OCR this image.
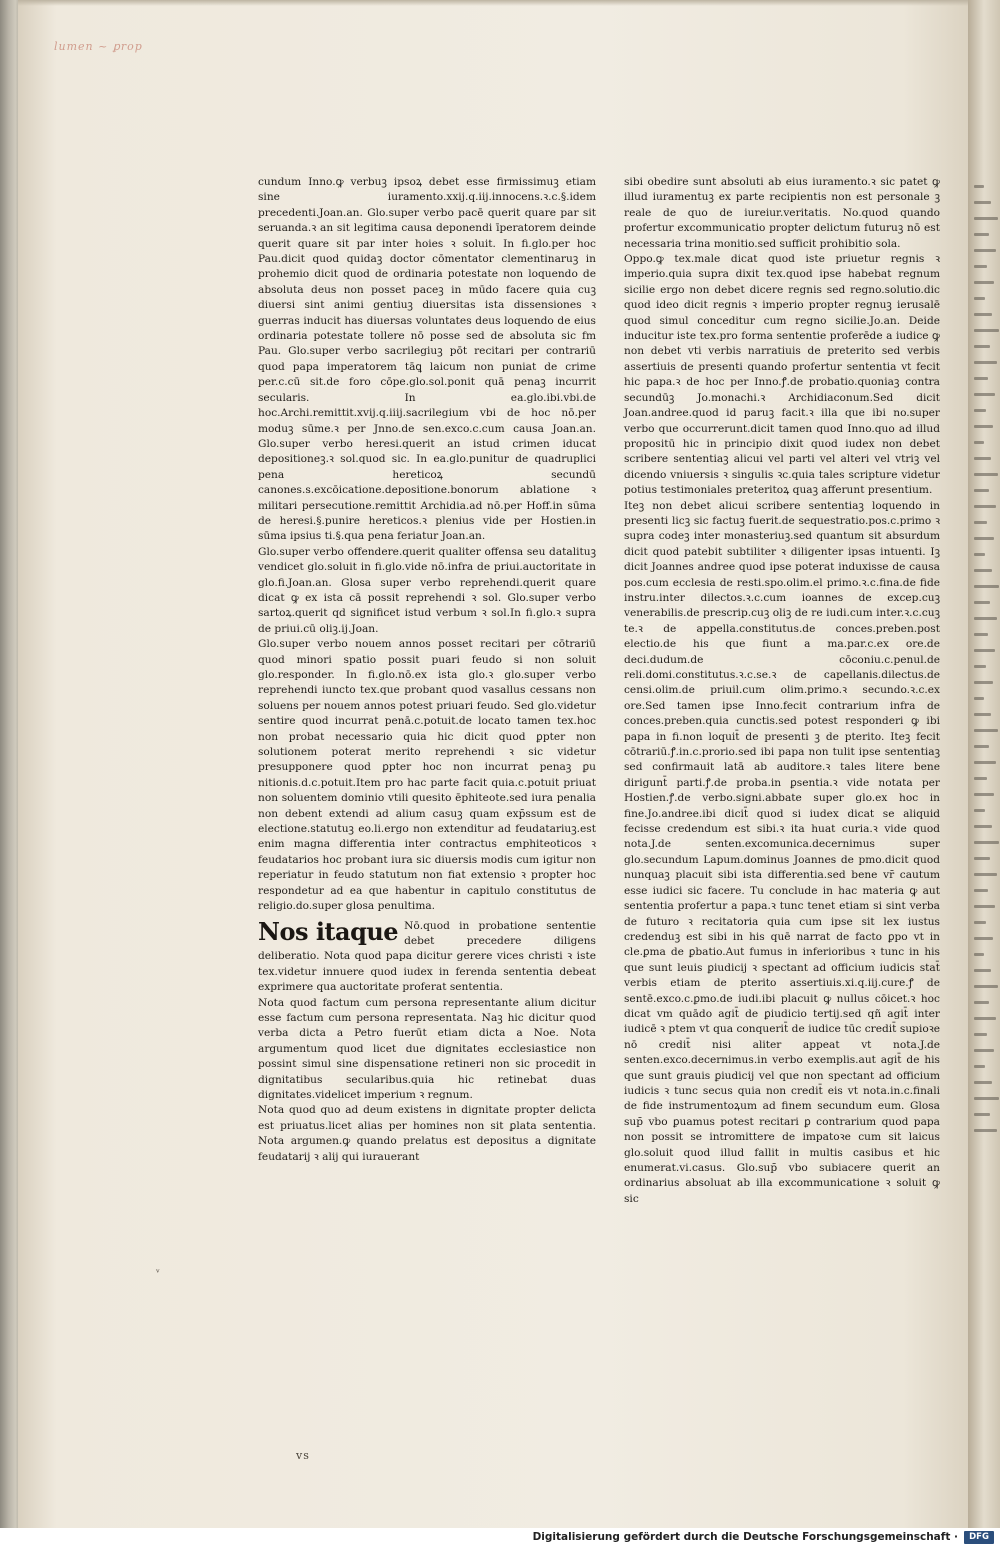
lumen ~ ꝑrop

cundum Inno.ꝙ verbuꝫ ipsoꝝ debet esse firmissimuꝫ etiam sine iuramento.xxij.q.iij.innocens.ꝛ.c.§.idem precedenti.Joan.an. Glo.super verbo pacē querit quare par sit seruanda.ꝛ an sit legitima causa deponendi īperatorem deinde querit quare sit par inter hoies ꝛ soluit. In fi.glo.per hoc Pau.dicit quod quidaꝫ doctor cōmentator clementinaruꝫ in prohemio dicit quod de ordinaria potestate non loquendo de absoluta deus non posset paceꝫ in mūdo facere quia cuꝫ diuersi sint animi gentiuꝫ diuersitas ista dissensiones ꝛ guerras inducit has diuersas voluntates deus loquendo de eius ordinaria potestate tollere nō posse sed de absoluta sic fm Pau. Glo.super verbo sacrilegiuꝫ pōt recitari per contrariū quod papa imperatorem tāꝗ laicum non puniat de crime per.c.cū sit.de foro cōpe.glo.sol.ponit quā penaꝫ incurrit secularis. In ea.glo.ibi.vbi.de hoc.Archi.remittit.xvij.q.iiij.sacrilegium vbi de hoc nō.per moduꝫ sūme.ꝛ per Jnno.de sen.exco.c.cum causa Joan.an. Glo.super verbo heresi.querit an istud crimen iducat depositioneꝫ.ꝛ sol.quod sic. In ea.glo.punitur de quadruplici pena hereticoꝝ secundū canones.s.excōicatione.depositione.bonorum ablatione ꝛ militari persecutione.remittit Archidia.ad nō.per Hoff.in sūma de heresi.§.punire hereticos.ꝛ plenius vide per Hostien.in sūma ipsius ti.§.qua pena feriatur Joan.an.

Glo.super verbo offendere.querit qualiter offensa seu datalituꝫ vendicet glo.soluit in fi.glo.vide nō.infra de priui.auctoritate in glo.fi.Joan.an. Glosa super verbo reprehendi.querit quare dicat ꝙ ex ista cā possit reprehendi ꝛ sol. Glo.super verbo sartoꝝ.querit qd significet istud verbum ꝛ sol.In fi.glo.ꝛ supra de priui.cū oliꝫ.ij.Joan.

Glo.super verbo nouem annos posset recitari per cōtrariū quod minori spatio possit puari feudo si non soluit glo.responder. In fi.glo.nō.ex ista glo.ꝛ glo.super verbo reprehendi iuncto tex.que probant quod vasallus cessans non soluens per nouem annos potest priuari feudo. Sed glo.videtur sentire quod incurrat penā.c.potuit.de locato tamen tex.hoc non probat necessario quia hic dicit quod ꝑpter non solutionem poterat merito reprehendi ꝛ sic videtur presupponere quod ꝑpter hoc non incurrat penaꝫ ꝑu nitionis.d.c.potuit.Item pro hac parte facit quia.c.potuit priuat non soluentem dominio vtili quesito ēphiteote.sed iura penalia non debent extendi ad alium casuꝫ quam exp̄ssum est de electione.statutuꝫ eo.li.ergo non extenditur ad feudatariuꝫ.est enim magna differentia inter contractus emphiteoticos ꝛ feudatarios hoc probant iura sic diuersis modis cum igitur non reperiatur in feudo statutum non fiat extensio ꝛ propter hoc respondetur ad ea que habentur in capitulo constitutus de religio.do.super glosa penultima.

Nos itaque Nō.quod in probatione sententie debet precedere diligens deliberatio. Nota quod papa dicitur gerere vices christi ꝛ iste tex.videtur innuere quod iudex in ferenda sententia debeat exprimere qua auctoritate proferat sententia.

Nota quod factum cum persona representante alium dicitur esse factum cum persona representata. Naꝫ hic dicitur quod verba dicta a Petro fuerūt etiam dicta a Noe. Nota argumentum quod licet due dignitates ecclesiastice non possint simul sine dispensatione retineri non sic procedit in dignitatibus secularibus.quia hic retinebat duas dignitates.videlicet imperium ꝛ regnum.

Nota quod quo ad deum existens in dignitate propter delicta est priuatus.licet alias per homines non sit ꝑlata sententia. Nota argumen.ꝙ quando prelatus est depositus a dignitate feudatarij ꝛ alij qui iurauerant

sibi obedire sunt absoluti ab eius iuramento.ꝛ sic patet ꝙ illud iuramentuꝫ ex parte recipientis non est personale ꝫ reale de quo de iureiur.veritatis. No.quod quando profertur excommunicatio propter delictum futuruꝫ nō est necessaria trina monitio.sed sufficit prohibitio sola.

Oppo.ꝙ tex.male dicat quod iste priuetur regnis ꝛ imperio.quia supra dixit tex.quod ipse habebat regnum sicilie ergo non debet dicere regnis sed regno.solutio.dic quod ideo dicit regnis ꝛ imperio propter regnuꝫ ierusalē quod simul conceditur cum regno sicilie.Jo.an. Deide inducitur iste tex.pro forma sententie proferēde a iudice ꝙ non debet vti verbis narratiuis de preterito sed verbis assertiuis de presenti quando profertur sententia vt fecit hic papa.ꝛ de hoc per Inno.ꝭ.de probatio.quoniaꝫ contra secundūꝫ Jo.monachi.ꝛ Archidiaconum.Sed dicit Joan.andree.quod id paruꝫ facit.ꝛ illa que ibi no.super verbo que occurrerunt.dicit tamen quod Inno.quo ad illud propositū hic in principio dixit quod iudex non debet scribere sententiaꝫ alicui vel parti vel alteri vel vtriꝫ vel dicendo vniuersis ꝛ singulis ꝛc.quia tales scripture videtur potius testimoniales preteritoꝝ quaꝫ afferunt presentium.

Iteꝫ non debet alicui scribere sententiaꝫ loquendo in presenti licꝫ sic factuꝫ fuerit.de sequestratio.pos.c.primo ꝛ supra codeꝫ inter monasteriuꝫ.sed quantum sit absurdum dicit quod patebit subtiliter ꝛ diligenter ipsas intuenti. Iꝫ dicit Joannes andree quod ipse poterat induxisse de causa pos.cum ecclesia de resti.spo.olim.el primo.ꝛ.c.fina.de fide instru.inter dilectos.ꝛ.c.cum ioannes de excep.cuꝫ venerabilis.de prescrip.cuꝫ oliꝫ de re iudi.cum inter.ꝛ.c.cuꝫ te.ꝛ de appella.constitutus.de conces.preben.post electio.de his que fiunt a ma.par.c.ex ore.de deci.dudum.de cōconiu.c.penul.de reli.domi.constitutus.ꝛ.c.se.ꝛ de capellanis.dilectus.de censi.olim.de priuil.cum olim.primo.ꝛ secundo.ꝛ.c.ex ore.Sed tamen ipse Inno.fecit contrarium infra de conces.preben.quia cunctis.sed potest responderi ꝙ ibi papa in fi.non loquit̄ de presenti ꝫ de pterito. Iteꝫ fecit cōtrariū.ꝭ.in.c.prorio.sed ibi papa non tulit ipse sententiaꝫ sed confirmauit latā ab auditore.ꝛ tales litere bene dirigunt̄ parti.ꝭ.de proba.in ꝑsentia.ꝛ vide notata per Hostien.ꝭ.de verbo.signi.abbate super glo.ex hoc in fine.Jo.andree.ibi dicit̄ quod si iudex dicat se aliquid fecisse credendum est sibi.ꝛ ita huat curia.ꝛ vide quod nota.J.de senten.excomunica.decernimus super glo.secundum Lapum.dominus Joannes de pmo.dicit quod nunquaꝫ placuit sibi ista differentia.sed bene vr̄ cautum esse iudici sic facere. Tu conclude in hac materia ꝙ aut sententia profertur a papa.ꝛ tunc tenet etiam si sint verba de futuro ꝛ recitatoria quia cum ipse sit lex iustus credenduꝫ est sibi in his quē narrat de facto ꝑpo vt in cle.ꝑma de ꝑbatio.Aut fumus in inferioribus ꝛ tunc in his que sunt leuis ꝑiudicij ꝛ spectant ad officium iudicis stat̄ verbis etiam de pterito assertiuis.xi.q.iij.cure.ꝭ de sentē.exco.c.ꝑmo.de iudi.ibi placuit ꝙ nullus cōicet.ꝛ hoc dicat vm quādo agit̄ de ꝑiudicio tertij.sed qñ agit̄ inter iudicē ꝛ ptem vt qua conquerit̄ de iudice tūc credit̄ supioꝛe nō credit̄ nisi aliter appeat vt nota.J.de senten.exco.decernimus.in verbo exemplis.aut agit̄ de his que sunt grauis ꝑiudicij vel que non spectant ad officium iudicis ꝛ tunc secus quia non credit̄ eis vt nota.in.c.finali de fide instrumentoꝝum ad finem secundum eum. Glosa sup̄ vbo ꝑuamus potest recitari ꝑ contrarium quod papa non possit se intromittere de impatoꝛe cum sit laicus glo.soluit quod illud fallit in multis casibus et hic enumerat.vi.casus. Glo.sup̄ vbo subiacere querit an ordinarius absoluat ab illa excommunicatione ꝛ soluit ꝙ sic

ᵛ
vs
Digitalisierung gefördert durch die Deutsche Forschungsgemeinschaft ·	DFG
